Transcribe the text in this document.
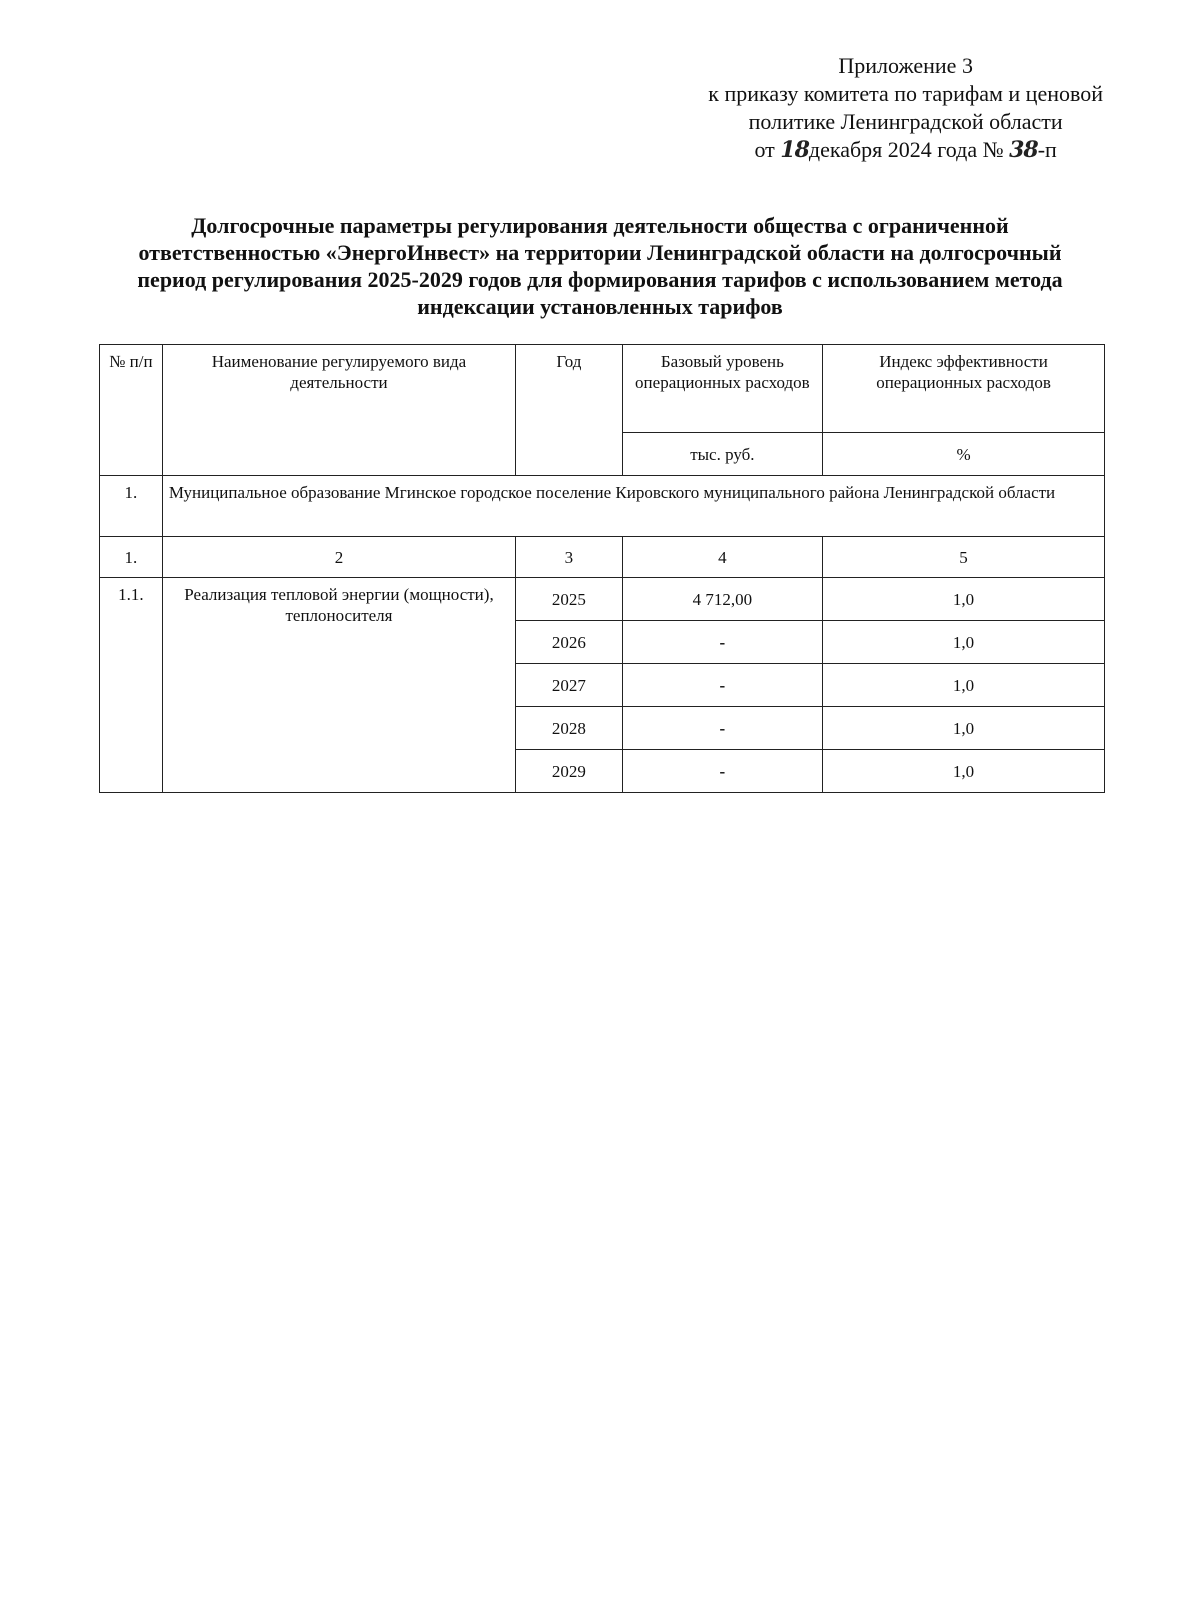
Приложение 3
к приказу комитета по тарифам и ценовой
политике Ленинградской области
от 18декабря 2024 года № 38-п
Долгосрочные параметры регулирования деятельности общества с ограниченной ответственностью «ЭнергоИнвест» на территории Ленинградской области на долгосрочный период регулирования 2025-2029 годов для формирования тарифов с использованием метода индексации установленных тарифов
№ п/п	Наименование регулируемого вида деятельности	Год	Базовый уровень операционных расходов	Индекс эффективности операционных расходов
			тыс. руб.	%
1.	Муниципальное образование Мгинское городское поселение Кировского муниципального района Ленинградской области			
1.	2	3	4	5
1.1.	Реализация тепловой энергии (мощности), теплоносителя	2025	4 712,00	1,0
		2026	-	1,0
		2027	-	1,0
		2028	-	1,0
		2029	-	1,0
